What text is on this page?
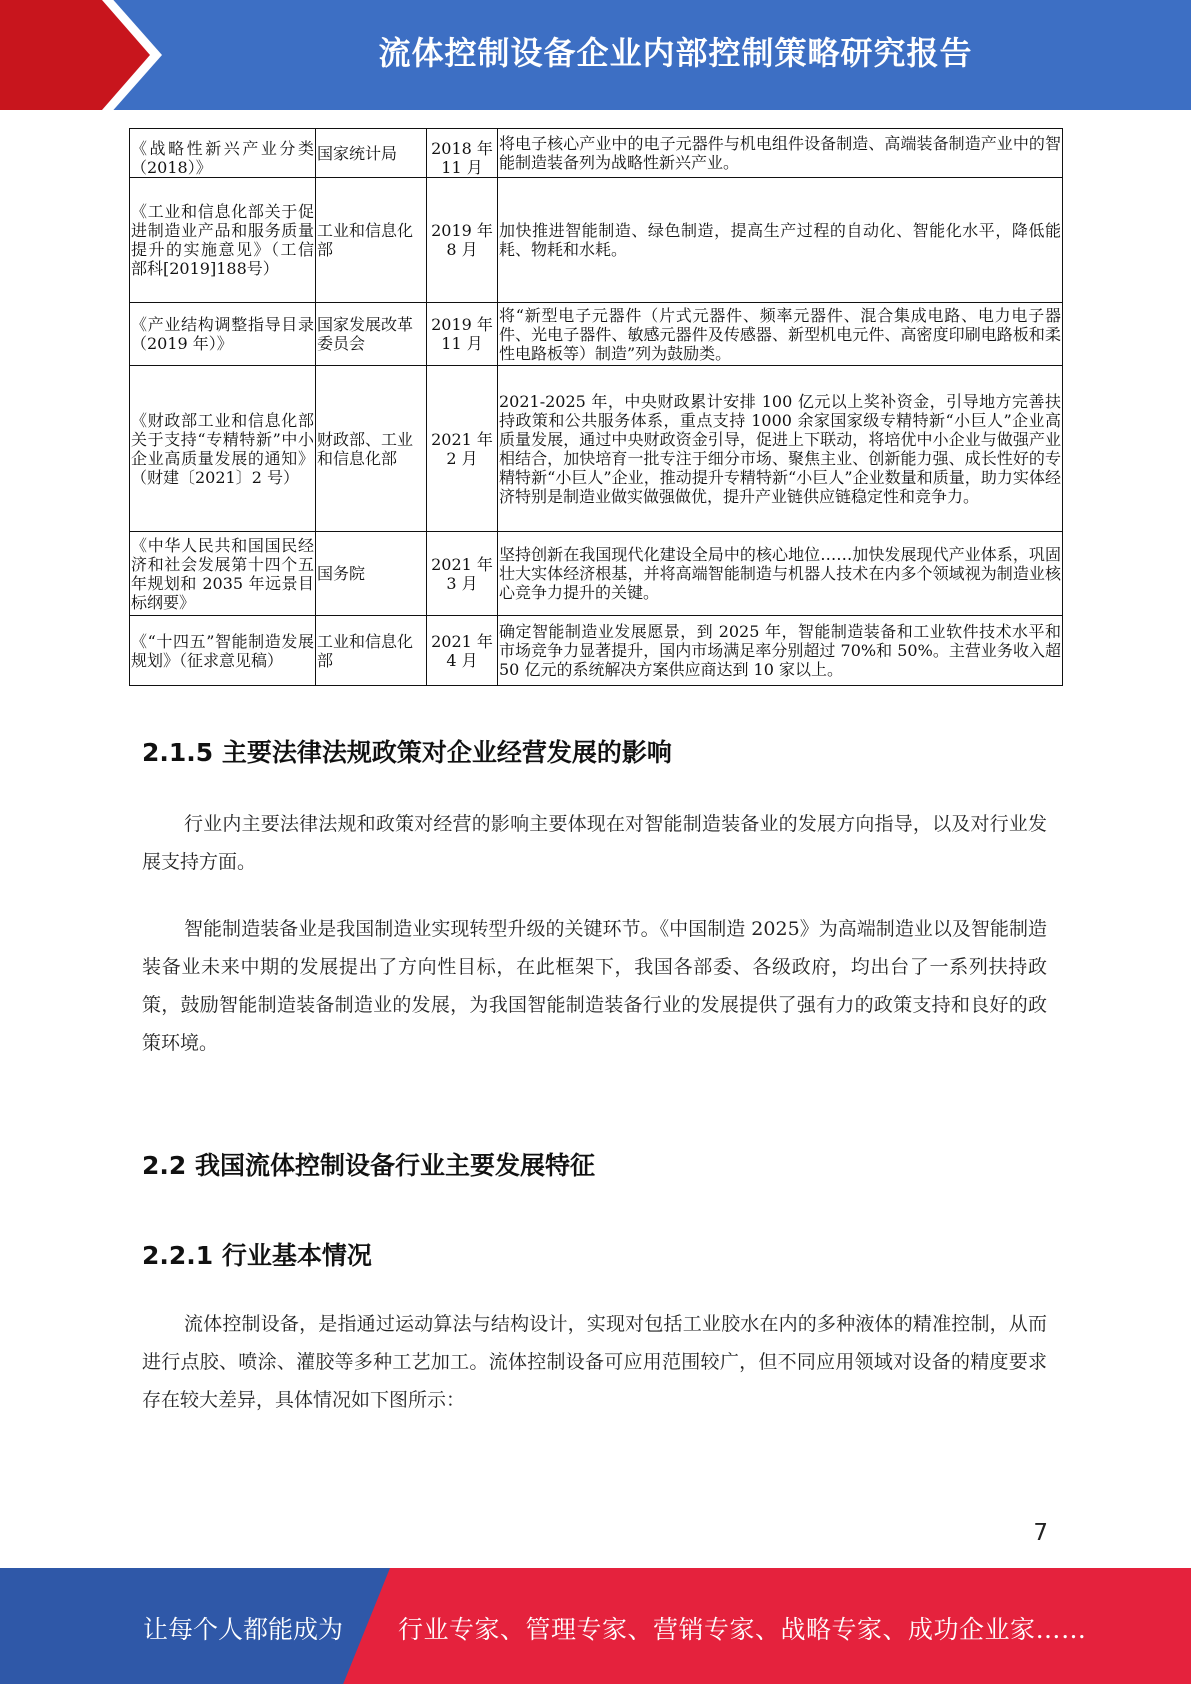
流体控制设备企业内部控制策略研究报告
《战略性新兴产业分类（2018）》	国家统计局	2018 年 11 月	将电子核心产业中的电子元器件与机电组件设备制造、高端装备制造产业中的智能制造装备列为战略性新兴产业。
《工业和信息化部关于促进制造业产品和服务质量提升的实施意见》（工信部科[2019]188号）	工业和信息化部	2019 年 8 月	加快推进智能制造、绿色制造，提高生产过程的自动化、智能化水平，降低能耗、物耗和水耗。
《产业结构调整指导目录（2019 年）》	国家发展改革委员会	2019 年 11 月	将“新型电子元器件（片式元器件、频率元器件、混合集成电路、电力电子器件、光电子器件、敏感元器件及传感器、新型机电元件、高密度印刷电路板和柔性电路板等）制造”列为鼓励类。
《财政部工业和信息化部关于支持“专精特新”中小企业高质量发展的通知》（财建〔2021〕2 号）	财政部、工业和信息化部	2021 年 2 月	2021-2025 年，中央财政累计安排 100 亿元以上奖补资金，引导地方完善扶持政策和公共服务体系，重点支持 1000 余家国家级专精特新“小巨人”企业高质量发展，通过中央财政资金引导，促进上下联动，将培优中小企业与做强产业相结合，加快培育一批专注于细分市场、聚焦主业、创新能力强、成长性好的专精特新“小巨人”企业，推动提升专精特新“小巨人”企业数量和质量，助力实体经济特别是制造业做实做强做优，提升产业链供应链稳定性和竞争力。
《中华人民共和国国民经济和社会发展第十四个五年规划和 2035 年远景目标纲要》	国务院	2021 年 3 月	坚持创新在我国现代化建设全局中的核心地位……加快发展现代产业体系，巩固壮大实体经济根基，并将高端智能制造与机器人技术在内多个领域视为制造业核心竞争力提升的关键。
《“十四五”智能制造发展规划》（征求意见稿）	工业和信息化部	2021 年 4 月	确定智能制造业发展愿景，到 2025 年，智能制造装备和工业软件技术水平和市场竞争力显著提升，国内市场满足率分别超过 70%和 50%。主营业务收入超 50 亿元的系统解决方案供应商达到 10 家以上。
2.1.5 主要法律法规政策对企业经营发展的影响

行业内主要法律法规和政策对经营的影响主要体现在对智能制造装备业的发展方向指导，以及对行业发展支持方面。

智能制造装备业是我国制造业实现转型升级的关键环节。《中国制造 2025》为高端制造业以及智能制造装备业未来中期的发展提出了方向性目标，在此框架下，我国各部委、各级政府，均出台了一系列扶持政策，鼓励智能制造装备制造业的发展，为我国智能制造装备行业的发展提供了强有力的政策支持和良好的政策环境。

2.2 我国流体控制设备行业主要发展特征
2.2.1 行业基本情况

流体控制设备，是指通过运动算法与结构设计，实现对包括工业胶水在内的多种液体的精准控制，从而进行点胶、喷涂、灌胶等多种工艺加工。流体控制设备可应用范围较广，但不同应用领域对设备的精度要求存在较大差异，具体情况如下图所示：

7
让每个人都能成为 行业专家、管理专家、营销专家、战略专家、成功企业家……
